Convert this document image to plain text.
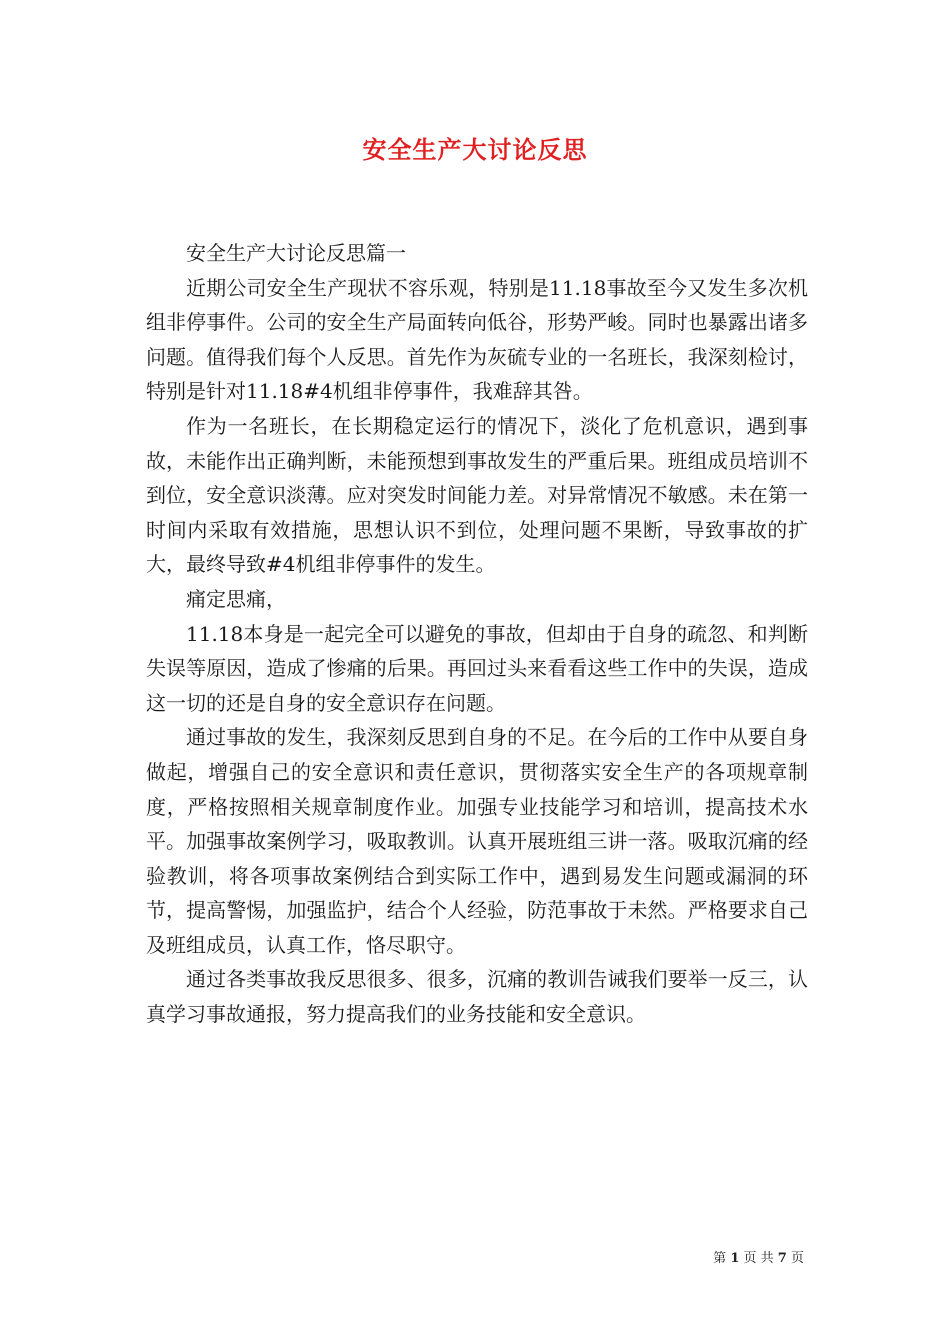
安全生产大讨论反思

安全生产大讨论反思篇一

近期公司安全生产现状不容乐观，特别是11.18事故至今又发生多次机组非停事件。公司的安全生产局面转向低谷，形势严峻。同时也暴露出诸多问题。值得我们每个人反思。首先作为灰硫专业的一名班长，我深刻检讨，特别是针对11.18#4机组非停事件，我难辞其咎。

作为一名班长，在长期稳定运行的情况下，淡化了危机意识，遇到事故，未能作出正确判断，未能预想到事故发生的严重后果。班组成员培训不到位，安全意识淡薄。应对突发时间能力差。对异常情况不敏感。未在第一时间内采取有效措施，思想认识不到位，处理问题不果断，导致事故的扩大，最终导致#4机组非停事件的发生。

痛定思痛，

11.18本身是一起完全可以避免的事故，但却由于自身的疏忽、和判断失误等原因，造成了惨痛的后果。再回过头来看看这些工作中的失误，造成这一切的还是自身的安全意识存在问题。

通过事故的发生，我深刻反思到自身的不足。在今后的工作中从要自身做起，增强自己的安全意识和责任意识，贯彻落实安全生产的各项规章制度，严格按照相关规章制度作业。加强专业技能学习和培训，提高技术水平。加强事故案例学习，吸取教训。认真开展班组三讲一落。吸取沉痛的经验教训，将各项事故案例结合到实际工作中，遇到易发生问题或漏洞的环节，提高警惕，加强监护，结合个人经验，防范事故于未然。严格要求自己及班组成员，认真工作，恪尽职守。

通过各类事故我反思很多、很多，沉痛的教训告诫我们要举一反三，认真学习事故通报，努力提高我们的业务技能和安全意识。

第 1 页 共 7 页
